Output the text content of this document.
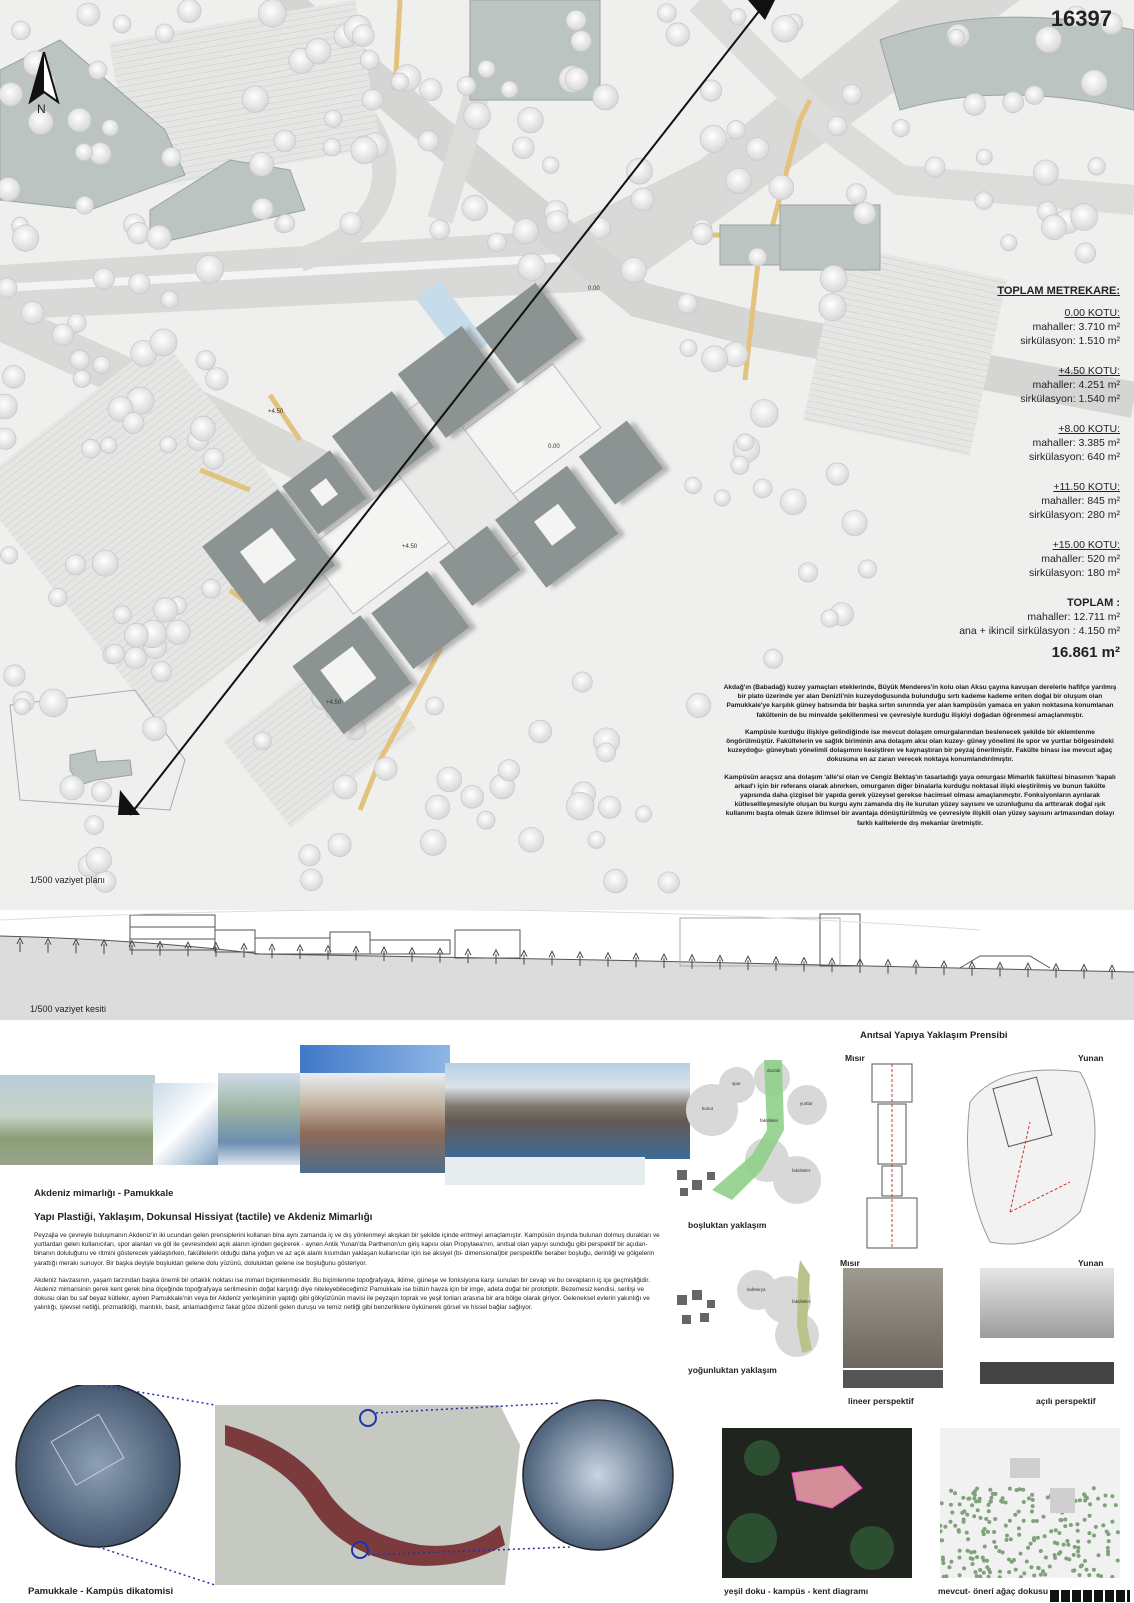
0.00
+4.50
0.00
+4.50
+4.50
16397
N
TOPLAM METREKARE:
0.00 KOTU:
mahaller: 3.710 m²
sirkülasyon: 1.510 m²
+4.50 KOTU:
mahaller: 4.251 m²
sirkülasyon: 1.540 m²
+8.00 KOTU:
mahaller: 3.385 m²
sirkülasyon: 640 m²
+11.50 KOTU:
mahaller: 845 m²
sirkülasyon: 280 m²
+15.00 KOTU:
mahaller: 520 m²
sirkülasyon: 180 m²
TOPLAM :
mahaller: 12.711 m²
ana + ikincil sirkülasyon : 4.150 m²
16.861 m²

Akdağ'ın (Babadağ) kuzey yamaçları eteklerinde, Büyük Menderes'in kolu olan Aksu çayına kavuşan derelerle hafifçe yarılmış bir plato üzerinde yer alan Denizli'nin kuzeydoğusunda bulunduğu sırtı kademe kademe eriten doğal bir oluşum olan Pamukkale'ye karşılık güney batısında bir başka sırtın sınırında yer alan kampüsün yamaca en yakın noktasına konumlanan fakültenin de bu minvalde şekillenmesi ve çevresiyle kurduğu ilişkiyi doğadan öğrenmesi amaçlanmıştır.

Kampüsle kurduğu ilişkiye gelindiğinde ise mevcut dolaşım omurgalarından beslenecek şekilde bir eklemlenme öngörülmüştür. Fakültelerin ve sağlık biriminin ana dolaşım aksı olan kuzey- güney yönelimi ile spor ve yurtlar bölgesindeki kuzeydoğu- güneybatı yönelimli dolaşımını kesiştiren ve kaynaştıran bir peyzaj önerilmiştir. Fakülte binası ise mevcut ağaç dokusuna en az zararı verecek noktaya konumlandırılmıştır.

Kampüsün araçsız ana dolaşım 'alle'si olan ve Cengiz Bektaş'ın tasarladığı yaya omurgası Mimarlık fakültesi binasının 'kapalı arkad'ı için bir referans olarak alınırken, omurganın diğer binalarla kurduğu noktasal ilişki eleştirilmiş ve bunun fakülte yapısında daha çizgisel bir yapıda gerek yüzeysel gerekse hacimsel olması amaçlanmıştır. Fonksiyonların ayrılarak kütlesellleşmesiyle oluşan bu kurgu aynı zamanda dış ile kurulan yüzey sayısını ve uzunluğunu da arttırarak doğal ışık kullanımı başta olmak üzere iklimsel bir avantaja dönüştürülmüş ve çevresiyle ilişkili olan yüzey sayısını artmasından dolayı farklı kalitelerde dış mekanlar üretmiştir.

1/500 vaziyet planı
1/500 vaziyet kesiti
Akdeniz mimarlığı - Pamukkale
Yapı Plastiği, Yaklaşım, Dokunsal Hissiyat (tactile) ve Akdeniz Mimarlığı

Peyzajla ve çevreyle buluşmanın Akdeniz'in iki ucundan gelen prensiplerini kullanan bina aynı zamanda iç ve dış yönlenmeyi akışkan bir şekilde içinde eritmeyi amaçlamıştır. Kampüsün dışında bulunan dolmuş durakları ve yurtlardan gelen kullanıcıları, spor alanları ve göl ile çevresindeki açık alanın içinden geçirerek - aynen Antik Yunan'da Parthenon'un giriş kapısı olan Propylaea'nın, anıtsal olan yapıyı sunduğu gibi perspektif bir açıdan- binanın doluluğunu ve ritmini gösterecek yaklaştırken, fakültelerin olduğu daha yoğun ve az açık alanlı kısımdan yaklaşan kullanıcılar için ise aksiyel (bi- dimensional)bir perspektifle beraber boşluğu, derinliği ve gölgelerin yarattığı merakı sunuyor. Bir başka deyişle boşluktan gelene dolu yüzünü, doluluktan gelene ise boşluğunu gösteriyor.

Akdeniz havzasının, yaşam tarzından başka önemli bir ortaklık noktası ise mimari biçimlenmesidir. Bu biçimlenme topoğrafyaya, iklime, güneşe ve fonksiyona karşı sunulan bir cevap ve bu cevapların iç içe geçmişliğidir. Akdeniz mimarisinin gerek kent gerek bina ölçeğinde topoğrafyaya serilmesinin doğal karşılığı diye niteleyebileceğimiz Pamukkale ise bütün havza için bir imge, adeta doğal bir prototiptir. Bezemesiz kendisi, serilişi ve dokusu olan bu saf beyaz kütleler, aynen Pamukkale'nin veya bir Akdeniz yerleşiminin yaptığı gibi gökyüzünün mavisi ile peyzajın toprak ve yeşil tonları arasına bir ara bölge olarak giriyor. Geleneksel evlerin yakınlığı ve yalınlığı, işlevsel netliği, prizmatikliği, mantıklı, basit, anlamadığımız fakat göze düzenli gelen duruşu ve temiz netliği gibi benzerliklere öykünerek görsel ve hissel bağlar sağlıyor.

Pamukkale - Kampüs dikatomisi
Anıtsal Yapıya Yaklaşım Prensibi
Mısır	Yunan
dozaltı
spor
konut
yurtlar
fakülteler
fakülteler
boşluktan yaklaşım
kafeterya
fakülteler
yoğunluktan yaklaşım
Mısır	Yunan
lineer perspektif	açılı perspektif
yeşil doku - kampüs - kent diagramı	mevcut- öneri ağaç dokusu
